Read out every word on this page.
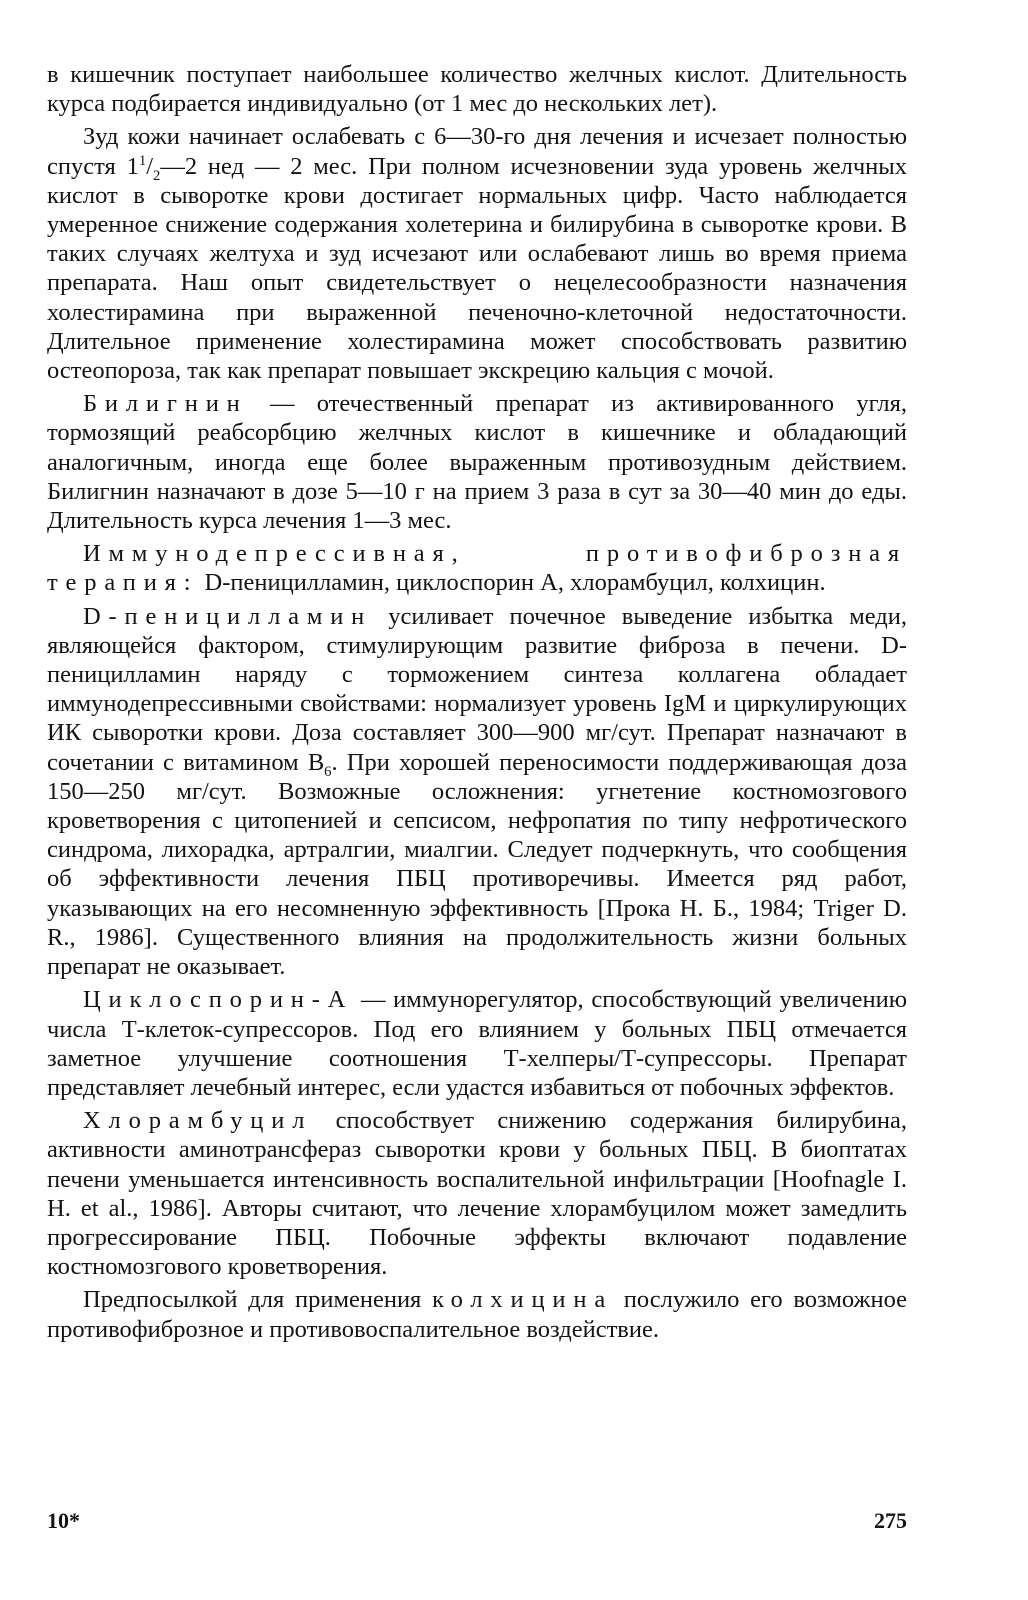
в кишечник поступает наибольшее количество желчных кислот. Длительность курса подбирается индивидуально (от 1 мес до нескольких лет).

Зуд кожи начинает ослабевать с 6—30-го дня лечения и исчезает полностью спустя $1^1/_2—2$ нед — 2 мес. При полном исчезновении зуда уровень желчных кислот в сыворотке крови достигает нормальных цифр. Часто наблюдается умеренное снижение содержания холетерина и билирубина в сыворотке крови. В таких случаях желтуха и зуд исчезают или ослабевают лишь во время приема препарата. Наш опыт свидетельствует о нецелесообразности назначения холестирамина при выраженной печеночно-клеточной недостаточности. Длительное применение холестирамина может способствовать развитию остеопороза, так как препарат повышает экскрецию кальция с мочой.

Билигнин — отечественный препарат из активированного угля, тормозящий реабсорбцию желчных кислот в кишечнике и обладающий аналогичным, иногда еще более выраженным противозудным действием. Билигнин назначают в дозе 5—10 г на прием 3 раза в сут за 30—40 мин до еды. Длительность курса лечения 1—3 мес.

Иммунодепрессивная, противофиброзная терапия: D-пеницилламин, циклоспорин А, хлорамбуцил, колхицин.

D-пеницилламин усиливает почечное выведение избытка меди, являющейся фактором, стимулирующим развитие фиброза в печени. D-пеницилламин наряду с торможением синтеза коллагена обладает иммунодепрессивными свойствами: нормализует уровень IgM и циркулирующих ИК сыворотки крови. Доза составляет 300—900 мг/сут. Препарат назначают в сочетании с витамином $B_6$. При хорошей переносимости поддерживающая доза 150—250 мг/сут. Возможные осложнения: угнетение костномозгового кроветворения с цитопенией и сепсисом, нефропатия по типу нефротического синдрома, лихорадка, артралгии, миалгии. Следует подчеркнуть, что сообщения об эффективности лечения ПБЦ противоречивы. Имеется ряд работ, указывающих на его несомненную эффективность [Прока Н. Б., 1984; Triger D. R., 1986]. Существенного влияния на продолжительность жизни больных препарат не оказывает.

Циклоспорин-А — иммунорегулятор, способствующий увеличению числа Т-клеток-супрессоров. Под его влиянием у больных ПБЦ отмечается заметное улучшение соотношения Т-хелперы/Т-супрессоры. Препарат представляет лечебный интерес, если удастся избавиться от побочных эффектов.

Хлорамбуцил способствует снижению содержания билирубина, активности аминотрансфераз сыворотки крови у больных ПБЦ. В биоптатах печени уменьшается интенсивность воспалительной инфильтрации [Hoofnagle I. H. et al., 1986]. Авторы считают, что лечение хлорамбуцилом может замедлить прогрессирование ПБЦ. Побочные эффекты включают подавление костномозгового кроветворения.

Предпосылкой для применения колхицина послужило его возможное противофиброзное и противовоспалительное воздействие.

10*	275
